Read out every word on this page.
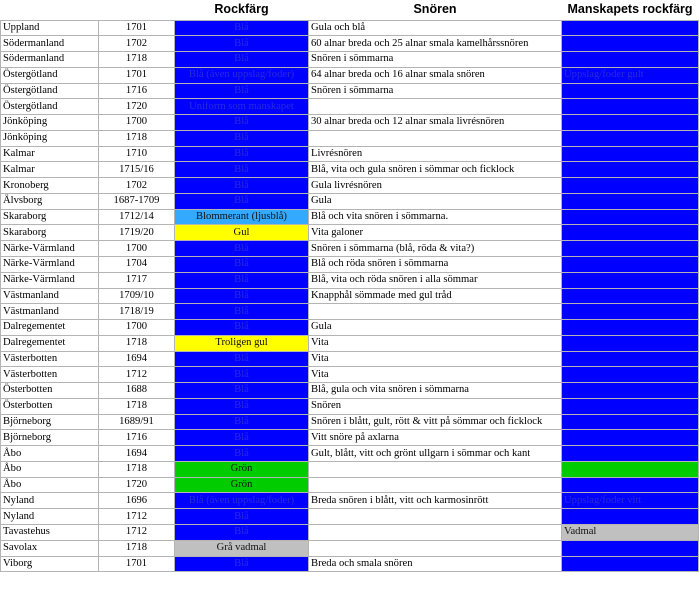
		Rockfärg	Snören	Manskapets rockfärg
Uppland	1701	Blå	Gula och blå	
Södermanland	1702	Blå	60 alnar breda och 25 alnar smala kamelhårssnören	
Södermanland	1718	Blå	Snören i sömmarna	
Östergötland	1701	Blå (även uppslag/foder)	64 alnar breda och 16 alnar smala snören	Uppslag/foder gult
Östergötland	1716	Blå	Snören i sömmarna	
Östergötland	1720	Uniform som manskapet		
Jönköping	1700	Blå	30 alnar breda och 12 alnar smala livrésnören	
Jönköping	1718	Blå		
Kalmar	1710	Blå	Livrésnören	
Kalmar	1715/16	Blå	Blå, vita och gula snören i sömmar och ficklock	
Kronoberg	1702	Blå	Gula livrésnören	
Älvsborg	1687-1709	Blå	Gula	
Skaraborg	1712/14	Blommerant (ljusblå)	Blå och vita snören i sömmarna.	
Skaraborg	1719/20	Gul	Vita galoner	
Närke-Värmland	1700	Blå	Snören i sömmarna (blå, röda & vita?)	
Närke-Värmland	1704	Blå	Blå och röda snören i sömmarna	
Närke-Värmland	1717	Blå	Blå, vita och röda snören i alla sömmar	
Västmanland	1709/10	Blå	Knapphål sömmade med gul tråd	
Västmanland	1718/19	Blå		
Dalregementet	1700	Blå	Gula	
Dalregementet	1718	Troligen gul	Vita	
Västerbotten	1694	Blå	Vita	
Västerbotten	1712	Blå	Vita	
Österbotten	1688	Blå	Blå, gula och vita snören i sömmarna	
Österbotten	1718	Blå	Snören	
Björneborg	1689/91	Blå	Snören i blått, gult, rött & vitt på sömmar och ficklock	
Björneborg	1716	Blå	Vitt snöre på axlarna	
Åbo	1694	Blå	Gult, blått, vitt och grönt ullgarn i sömmar och kant	
Åbo	1718	Grön		
Åbo	1720	Grön		
Nyland	1696	Blå (även uppslag/foder)	Breda snören i blått, vitt och karmosinrött	Uppslag/foder vitt
Nyland	1712	Blå		
Tavastehus	1712	Blå		Vadmal
Savolax	1718	Grå vadmal		
Viborg	1701	Blå	Breda och smala snören	
